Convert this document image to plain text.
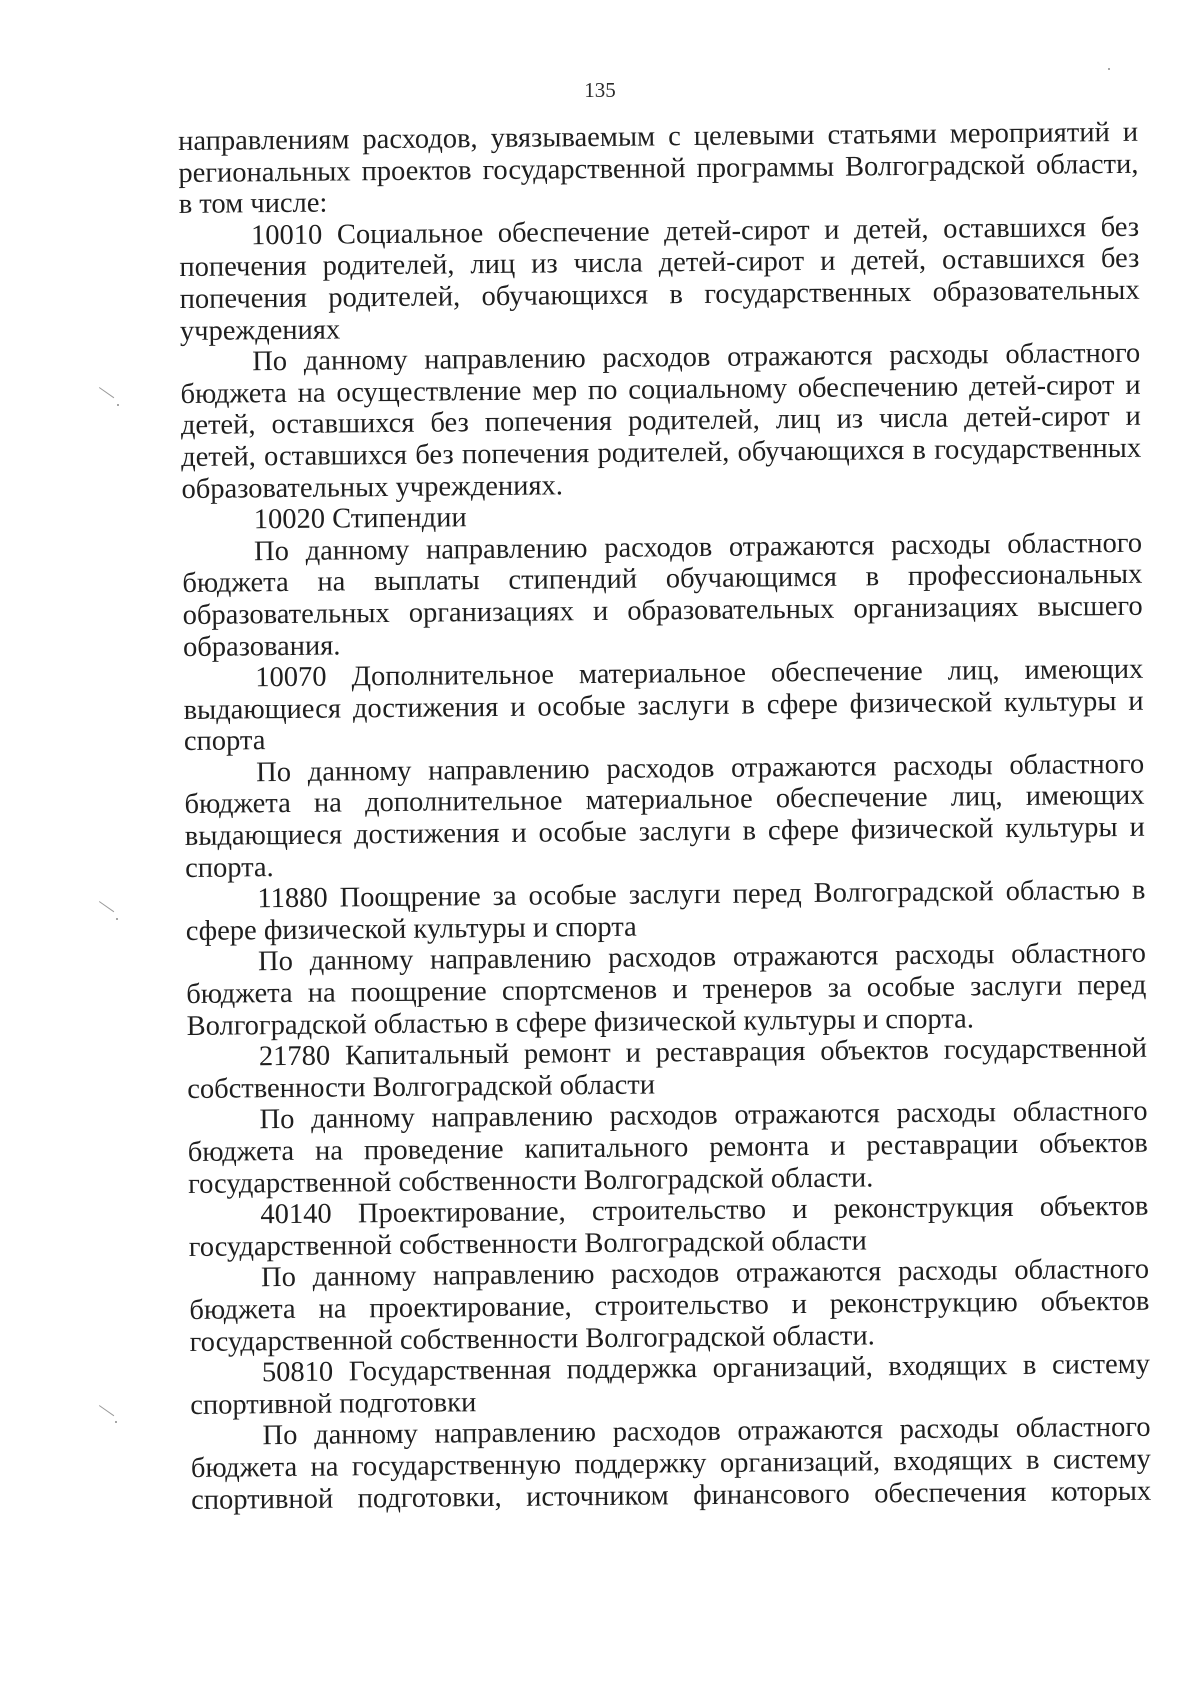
135

направлениям расходов, увязываемым с целевыми статьями мероприятий и региональных проектов государственной программы Волгоградской области, в том числе:

10010 Социальное обеспечение детей-сирот и детей, оставшихся без попечения родителей, лиц из числа детей-сирот и детей, оставшихся без попечения родителей, обучающихся в государственных образовательных учреждениях

По данному направлению расходов отражаются расходы областного бюджета на осуществление мер по социальному обеспечению детей-сирот и детей, оставшихся без попечения родителей, лиц из числа детей-сирот и детей, оставшихся без попечения родителей, обучающихся в государственных образовательных учреждениях.

10020 Стипендии

По данному направлению расходов отражаются расходы областного бюджета на выплаты стипендий обучающимся в профессиональных образовательных организациях и образовательных организациях высшего образования.

10070 Дополнительное материальное обеспечение лиц, имеющих выдающиеся достижения и особые заслуги в сфере физической культуры и спорта

По данному направлению расходов отражаются расходы областного бюджета на дополнительное материальное обеспечение лиц, имеющих выдающиеся достижения и особые заслуги в сфере физической культуры и спорта.

11880 Поощрение за особые заслуги перед Волгоградской областью в сфере физической культуры и спорта

По данному направлению расходов отражаются расходы областного бюджета на поощрение спортсменов и тренеров за особые заслуги перед Волгоградской областью в сфере физической культуры и спорта.

21780 Капитальный ремонт и реставрация объектов государственной собственности Волгоградской области

По данному направлению расходов отражаются расходы областного бюджета на проведение капитального ремонта и реставрации объектов государственной собственности Волгоградской области.

40140 Проектирование, строительство и реконструкция объектов государственной собственности Волгоградской области

По данному направлению расходов отражаются расходы областного бюджета на проектирование, строительство и реконструкцию объектов государственной собственности Волгоградской области.

50810 Государственная поддержка организаций, входящих в систему спортивной подготовки

По данному направлению расходов отражаются расходы областного бюджета на государственную поддержку организаций, входящих в систему спортивной подготовки, источником финансового обеспечения которых
